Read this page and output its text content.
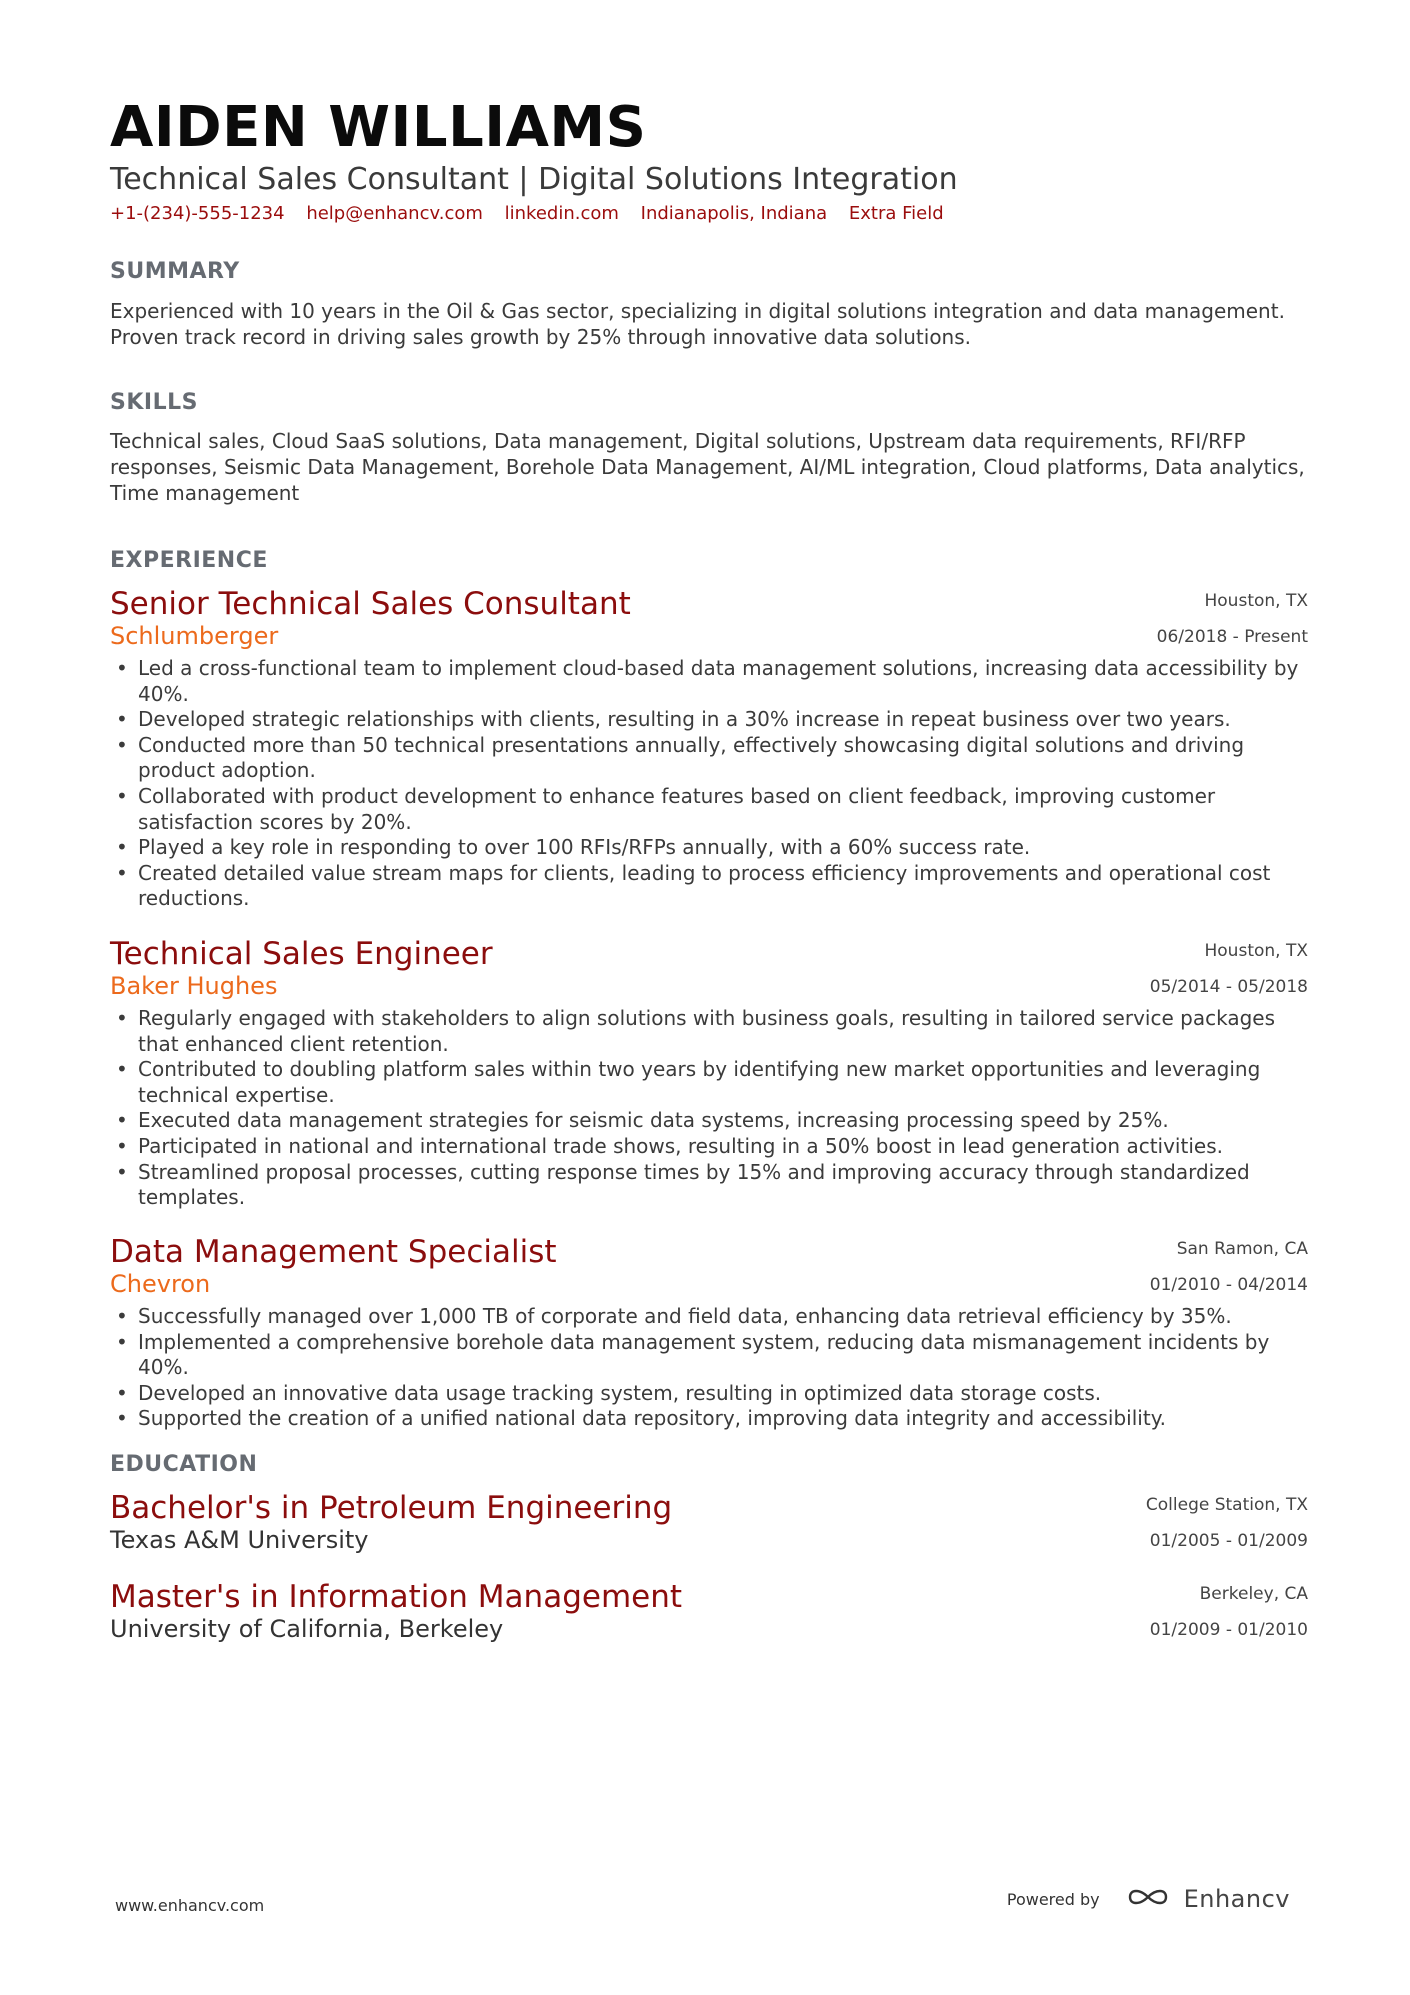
AIDEN WILLIAMS
Technical Sales Consultant | Digital Solutions Integration
+1-(234)-555-1234 help@enhancv.com linkedin.com Indianapolis, Indiana Extra Field
SUMMARY
Experienced with 10 years in the Oil & Gas sector, specializing in digital solutions integration and data management. Proven track record in driving sales growth by 25% through innovative data solutions.
SKILLS
Technical sales, Cloud SaaS solutions, Data management, Digital solutions, Upstream data requirements, RFI/RFP responses, Seismic Data Management, Borehole Data Management, AI/ML integration, Cloud platforms, Data analytics, Time management
EXPERIENCE
Senior Technical Sales Consultant
Schlumberger
Houston, TX
06/2018 - Present
• Led a cross-functional team to implement cloud-based data management solutions, increasing data accessibility by 40%.
• Developed strategic relationships with clients, resulting in a 30% increase in repeat business over two years.
• Conducted more than 50 technical presentations annually, effectively showcasing digital solutions and driving product adoption.
• Collaborated with product development to enhance features based on client feedback, improving customer satisfaction scores by 20%.
• Played a key role in responding to over 100 RFIs/RFPs annually, with a 60% success rate.
• Created detailed value stream maps for clients, leading to process efficiency improvements and operational cost reductions.
Technical Sales Engineer
Baker Hughes
Houston, TX
05/2014 - 05/2018
• Regularly engaged with stakeholders to align solutions with business goals, resulting in tailored service packages that enhanced client retention.
• Contributed to doubling platform sales within two years by identifying new market opportunities and leveraging technical expertise.
• Executed data management strategies for seismic data systems, increasing processing speed by 25%.
• Participated in national and international trade shows, resulting in a 50% boost in lead generation activities.
• Streamlined proposal processes, cutting response times by 15% and improving accuracy through standardized templates.
Data Management Specialist
Chevron
San Ramon, CA
01/2010 - 04/2014
• Successfully managed over 1,000 TB of corporate and field data, enhancing data retrieval efficiency by 35%.
• Implemented a comprehensive borehole data management system, reducing data mismanagement incidents by 40%.
• Developed an innovative data usage tracking system, resulting in optimized data storage costs.
• Supported the creation of a unified national data repository, improving data integrity and accessibility.
EDUCATION
Bachelor's in Petroleum Engineering
Texas A&M University
College Station, TX
01/2005 - 01/2009
Master's in Information Management
University of California, Berkeley
Berkeley, CA
01/2009 - 01/2010
www.enhancv.com	Powered by	Enhancv
